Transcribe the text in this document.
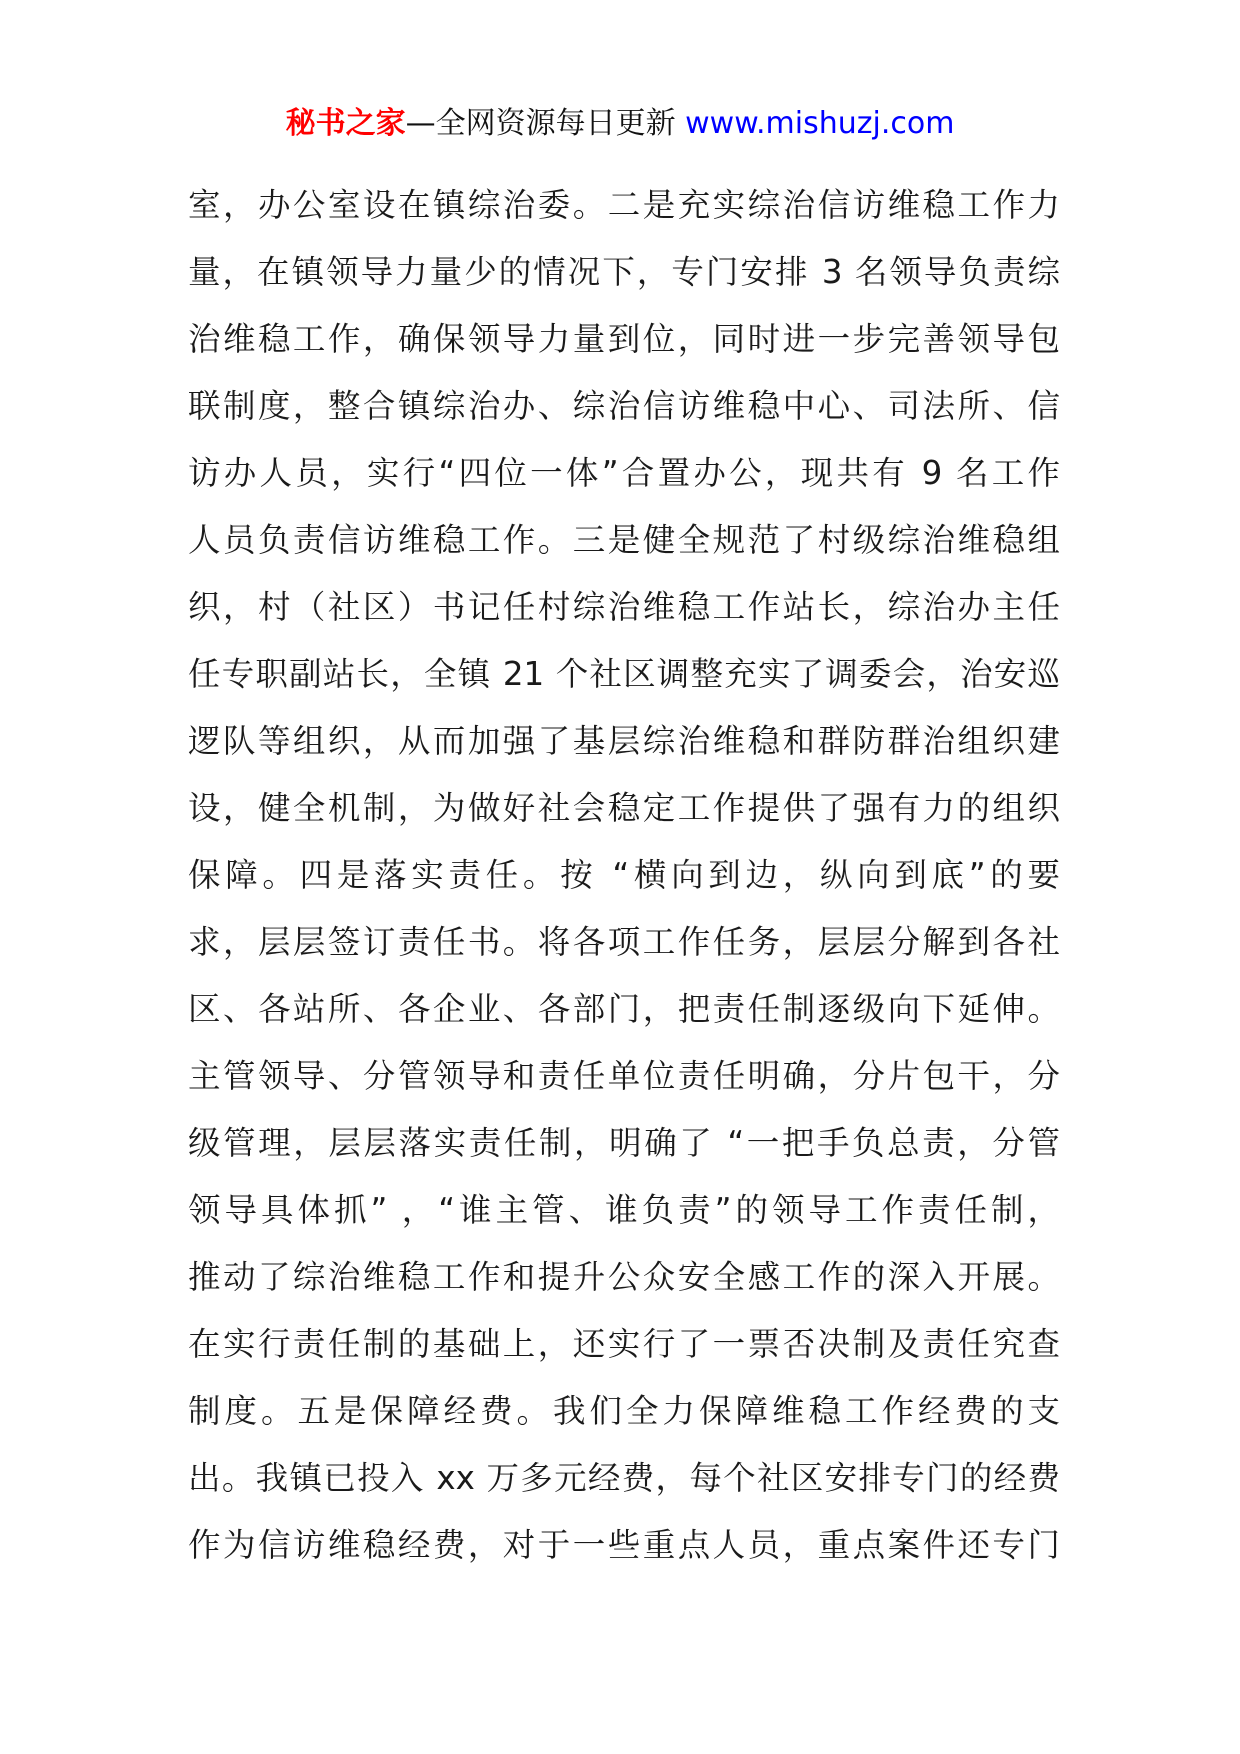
秘书之家—全网资源每日更新 www.mishuzj.com
室，办公室设在镇综治委。二是充实综治信访维稳工作力
量，在镇领导力量少的情况下，专门安排 3 名领导负责综
治维稳工作，确保领导力量到位，同时进一步完善领导包
联制度，整合镇综治办、综治信访维稳中心、司法所、信
访办人员，实行“四位一体”合置办公，现共有 9 名工作
人员负责信访维稳工作。三是健全规范了村级综治维稳组
织，村（社区）书记任村综治维稳工作站长，综治办主任
任专职副站长，全镇 21 个社区调整充实了调委会，治安巡
逻队等组织，从而加强了基层综治维稳和群防群治组织建
设，健全机制，为做好社会稳定工作提供了强有力的组织
保障。四是落实责任。按 “横向到边，纵向到底”的要
求，层层签订责任书。将各项工作任务，层层分解到各社
区、各站所、各企业、各部门，把责任制逐级向下延伸。
主管领导、分管领导和责任单位责任明确，分片包干，分
级管理，层层落实责任制，明确了 “一把手负总责，分管
领导具体抓” ，“谁主管、谁负责”的领导工作责任制，
推动了综治维稳工作和提升公众安全感工作的深入开展。
在实行责任制的基础上，还实行了一票否决制及责任究查
制度。五是保障经费。我们全力保障维稳工作经费的支
出。我镇已投入 xx 万多元经费，每个社区安排专门的经费
作为信访维稳经费，对于一些重点人员，重点案件还专门
